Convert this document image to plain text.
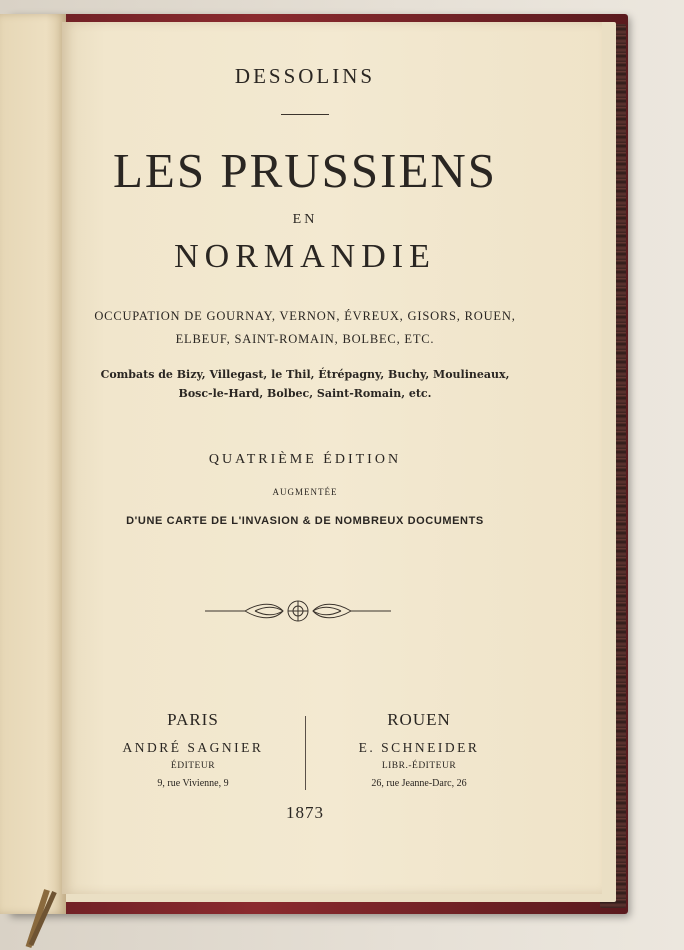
DESSOLINS
LES PRUSSIENS
EN
NORMANDIE
OCCUPATION DE GOURNAY, VERNON, ÉVREUX, GISORS, ROUEN,
ELBEUF, SAINT-ROMAIN, BOLBEC, ETC.
Combats de Bizy, Villegast, le Thil, Étrépagny, Buchy, Moulineaux,
Bosc-le-Hard, Bolbec, Saint-Romain, etc.
QUATRIÈME ÉDITION
AUGMENTÉE
D'UNE CARTE DE L'INVASION & DE NOMBREUX DOCUMENTS
PARIS
ANDRÉ SAGNIER
ÉDITEUR
9, rue Vivienne, 9
ROUEN
E. SCHNEIDER
LIBR.-ÉDITEUR
26, rue Jeanne-Darc, 26
1873
